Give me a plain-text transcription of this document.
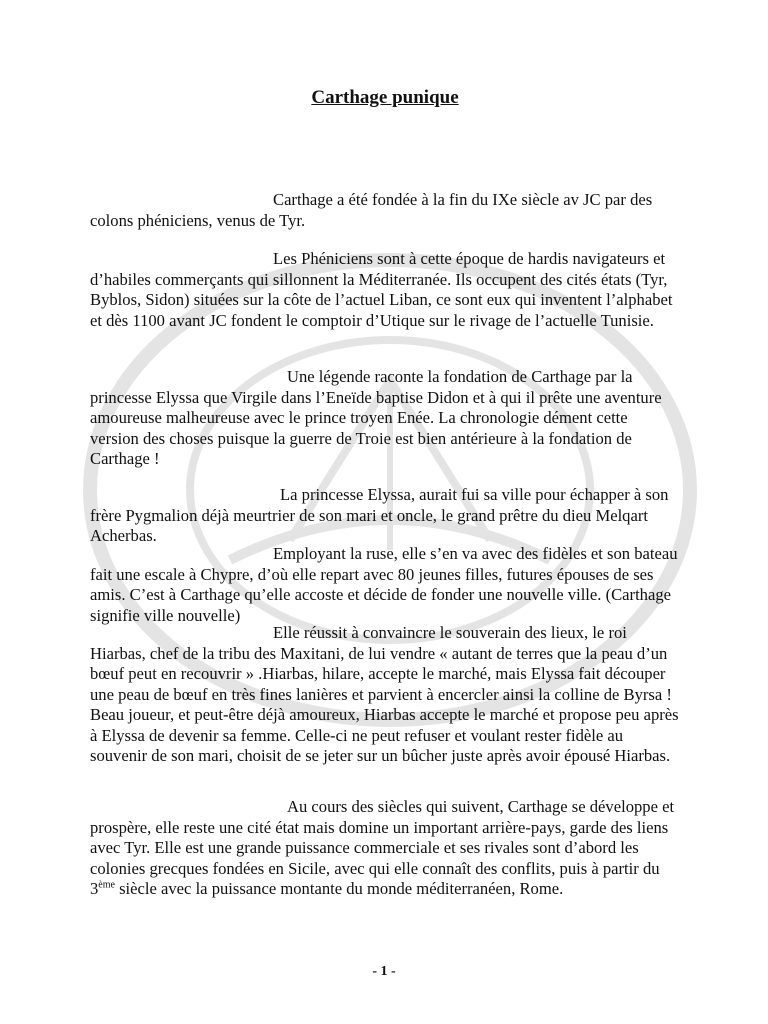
Carthage punique

Carthage a été fondée à la fin du IXe siècle av JC par des colons phéniciens, venus de Tyr.

Les Phéniciens sont à cette époque de hardis navigateurs et d’habiles commerçants qui sillonnent la Méditerranée. Ils occupent des cités états (Tyr, Byblos, Sidon) situées sur la côte de l’actuel Liban, ce sont eux qui inventent l’alphabet et dès 1100 avant JC fondent le comptoir d’Utique sur le rivage de l’actuelle Tunisie.

Une légende raconte la fondation de Carthage par la princesse Elyssa que Virgile dans l’Eneïde baptise Didon et à qui il prête une aventure amoureuse malheureuse avec le prince troyen Enée. La chronologie dément cette version des choses puisque la guerre de Troie est bien antérieure à la fondation de Carthage !

La princesse Elyssa, aurait fui sa ville pour échapper à son frère Pygmalion déjà meurtrier de son mari et oncle, le grand prêtre du dieu Melqart Acherbas.

Employant la ruse, elle s’en va avec des fidèles et son bateau fait une escale à Chypre, d’où elle repart avec 80 jeunes filles, futures épouses de ses amis. C’est à Carthage qu’elle accoste et décide de fonder une nouvelle ville. (Carthage signifie ville nouvelle)

Elle réussit à convaincre le souverain des lieux, le roi Hiarbas, chef de la tribu des Maxitani, de lui vendre « autant de terres que la peau d’un bœuf peut en recouvrir » .Hiarbas, hilare, accepte le marché, mais Elyssa fait découper une peau de bœuf en très fines lanières et parvient à encercler ainsi la colline de Byrsa ! Beau joueur, et peut-être déjà amoureux, Hiarbas accepte le marché et propose peu après à Elyssa de devenir sa femme. Celle-ci ne peut refuser et voulant rester fidèle au souvenir de son mari, choisit de se jeter sur un bûcher juste après avoir épousé Hiarbas.

Au cours des siècles qui suivent, Carthage se développe et prospère, elle reste une cité état mais domine un important arrière-pays, garde des liens avec Tyr. Elle est une grande puissance commerciale et ses rivales sont d’abord les colonies grecques fondées en Sicile, avec qui elle connaît des conflits, puis à partir du 3ème siècle avec la puissance montante du monde méditerranéen, Rome.

- 1 -
